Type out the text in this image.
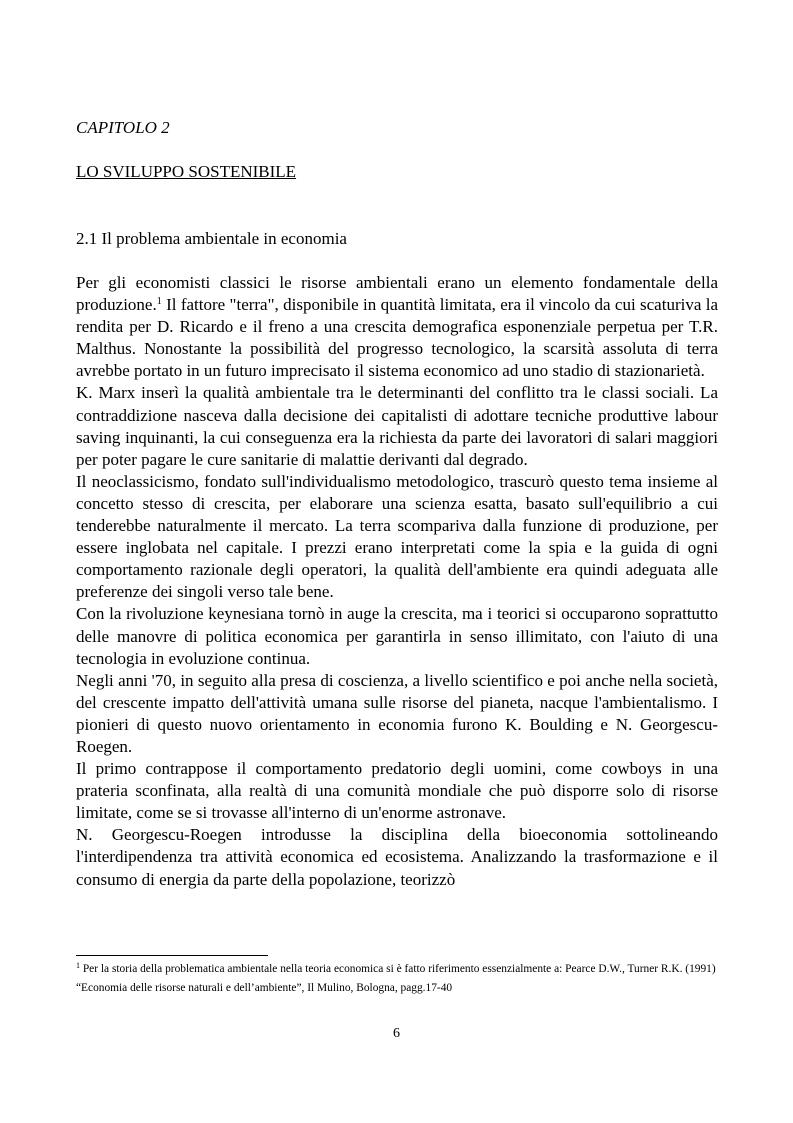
CAPITOLO 2
LO SVILUPPO SOSTENIBILE
2.1 Il problema ambientale in economia

Per gli economisti classici le risorse ambientali erano un elemento fondamentale della produzione.$^1$ Il fattore "terra", disponibile in quantità limitata, era il vincolo da cui scaturiva la rendita per D. Ricardo e il freno a una crescita demografica esponenziale perpetua per T.R. Malthus. Nonostante la possibilità del progresso tecnologico, la scarsità assoluta di terra avrebbe portato in un futuro imprecisato il sistema economico ad uno stadio di stazionarietà.

K. Marx inserì la qualità ambientale tra le determinanti del conflitto tra le classi sociali. La contraddizione nasceva dalla decisione dei capitalisti di adottare tecniche produttive labour saving inquinanti, la cui conseguenza era la richiesta da parte dei lavoratori di salari maggiori per poter pagare le cure sanitarie di malattie derivanti dal degrado.

Il neoclassicismo, fondato sull'individualismo metodologico, trascurò questo tema insieme al concetto stesso di crescita, per elaborare una scienza esatta, basato sull'equilibrio a cui tenderebbe naturalmente il mercato. La terra scompariva dalla funzione di produzione, per essere inglobata nel capitale. I prezzi erano interpretati come la spia e la guida di ogni comportamento razionale degli operatori, la qualità dell'ambiente era quindi adeguata alle preferenze dei singoli verso tale bene.

Con la rivoluzione keynesiana tornò in auge la crescita, ma i teorici si occuparono soprattutto delle manovre di politica economica per garantirla in senso illimitato, con l'aiuto di una tecnologia in evoluzione continua.

Negli anni '70, in seguito alla presa di coscienza, a livello scientifico e poi anche nella società, del crescente impatto dell'attività umana sulle risorse del pianeta, nacque l'ambientalismo. I pionieri di questo nuovo orientamento in economia furono K. Boulding e N. Georgescu-Roegen.

Il primo contrappose il comportamento predatorio degli uomini, come cowboys in una prateria sconfinata, alla realtà di una comunità mondiale che può disporre solo di risorse limitate, come se si trovasse all'interno di un'enorme astronave.

N. Georgescu-Roegen introdusse la disciplina della bioeconomia sottolineando l'interdipendenza tra attività economica ed ecosistema. Analizzando la trasformazione e il consumo di energia da parte della popolazione, teorizzò

$^1$ Per la storia della problematica ambientale nella teoria economica si è fatto riferimento essenzialmente a: Pearce D.W., Turner R.K. (1991) “Economia delle risorse naturali e dell’ambiente”, Il Mulino, Bologna, pagg.17-40

6
